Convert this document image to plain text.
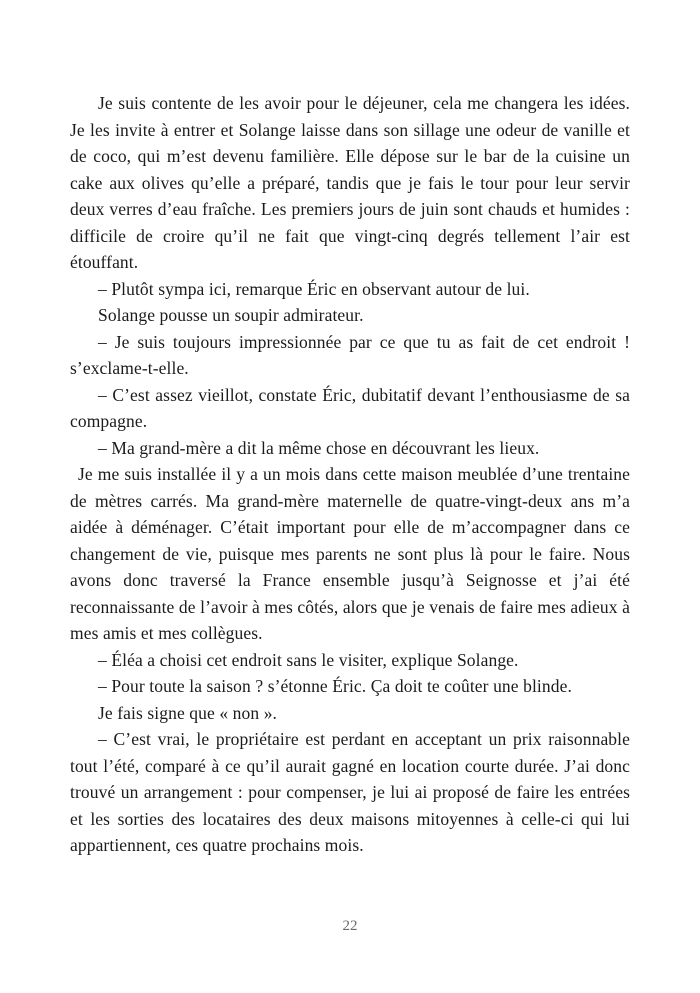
Je suis contente de les avoir pour le déjeuner, cela me changera les idées. Je les invite à entrer et Solange laisse dans son sillage une odeur de vanille et de coco, qui m’est devenu familière. Elle dépose sur le bar de la cuisine un cake aux olives qu’elle a préparé, tandis que je fais le tour pour leur servir deux verres d’eau fraîche. Les premiers jours de juin sont chauds et humides : difficile de croire qu’il ne fait que vingt-cinq degrés tellement l’air est étouffant.

– Plutôt sympa ici, remarque Éric en observant autour de lui.

Solange pousse un soupir admirateur.

– Je suis toujours impressionnée par ce que tu as fait de cet endroit ! s’exclame-t-elle.

– C’est assez vieillot, constate Éric, dubitatif devant l’enthousiasme de sa compagne.

– Ma grand-mère a dit la même chose en découvrant les lieux.

Je me suis installée il y a un mois dans cette maison meublée d’une trentaine de mètres carrés. Ma grand-mère maternelle de quatre-vingt-deux ans m’a aidée à déménager. C’était important pour elle de m’accompagner dans ce changement de vie, puisque mes parents ne sont plus là pour le faire. Nous avons donc traversé la France ensemble jusqu’à Seignosse et j’ai été reconnaissante de l’avoir à mes côtés, alors que je venais de faire mes adieux à mes amis et mes collègues.

– Éléa a choisi cet endroit sans le visiter, explique Solange.

– Pour toute la saison ? s’étonne Éric. Ça doit te coûter une blinde.

Je fais signe que « non ».

– C’est vrai, le propriétaire est perdant en acceptant un prix raisonnable tout l’été, comparé à ce qu’il aurait gagné en location courte durée. J’ai donc trouvé un arrangement : pour compenser, je lui ai proposé de faire les entrées et les sorties des locataires des deux maisons mitoyennes à celle-ci qui lui appartiennent, ces quatre prochains mois.

22
